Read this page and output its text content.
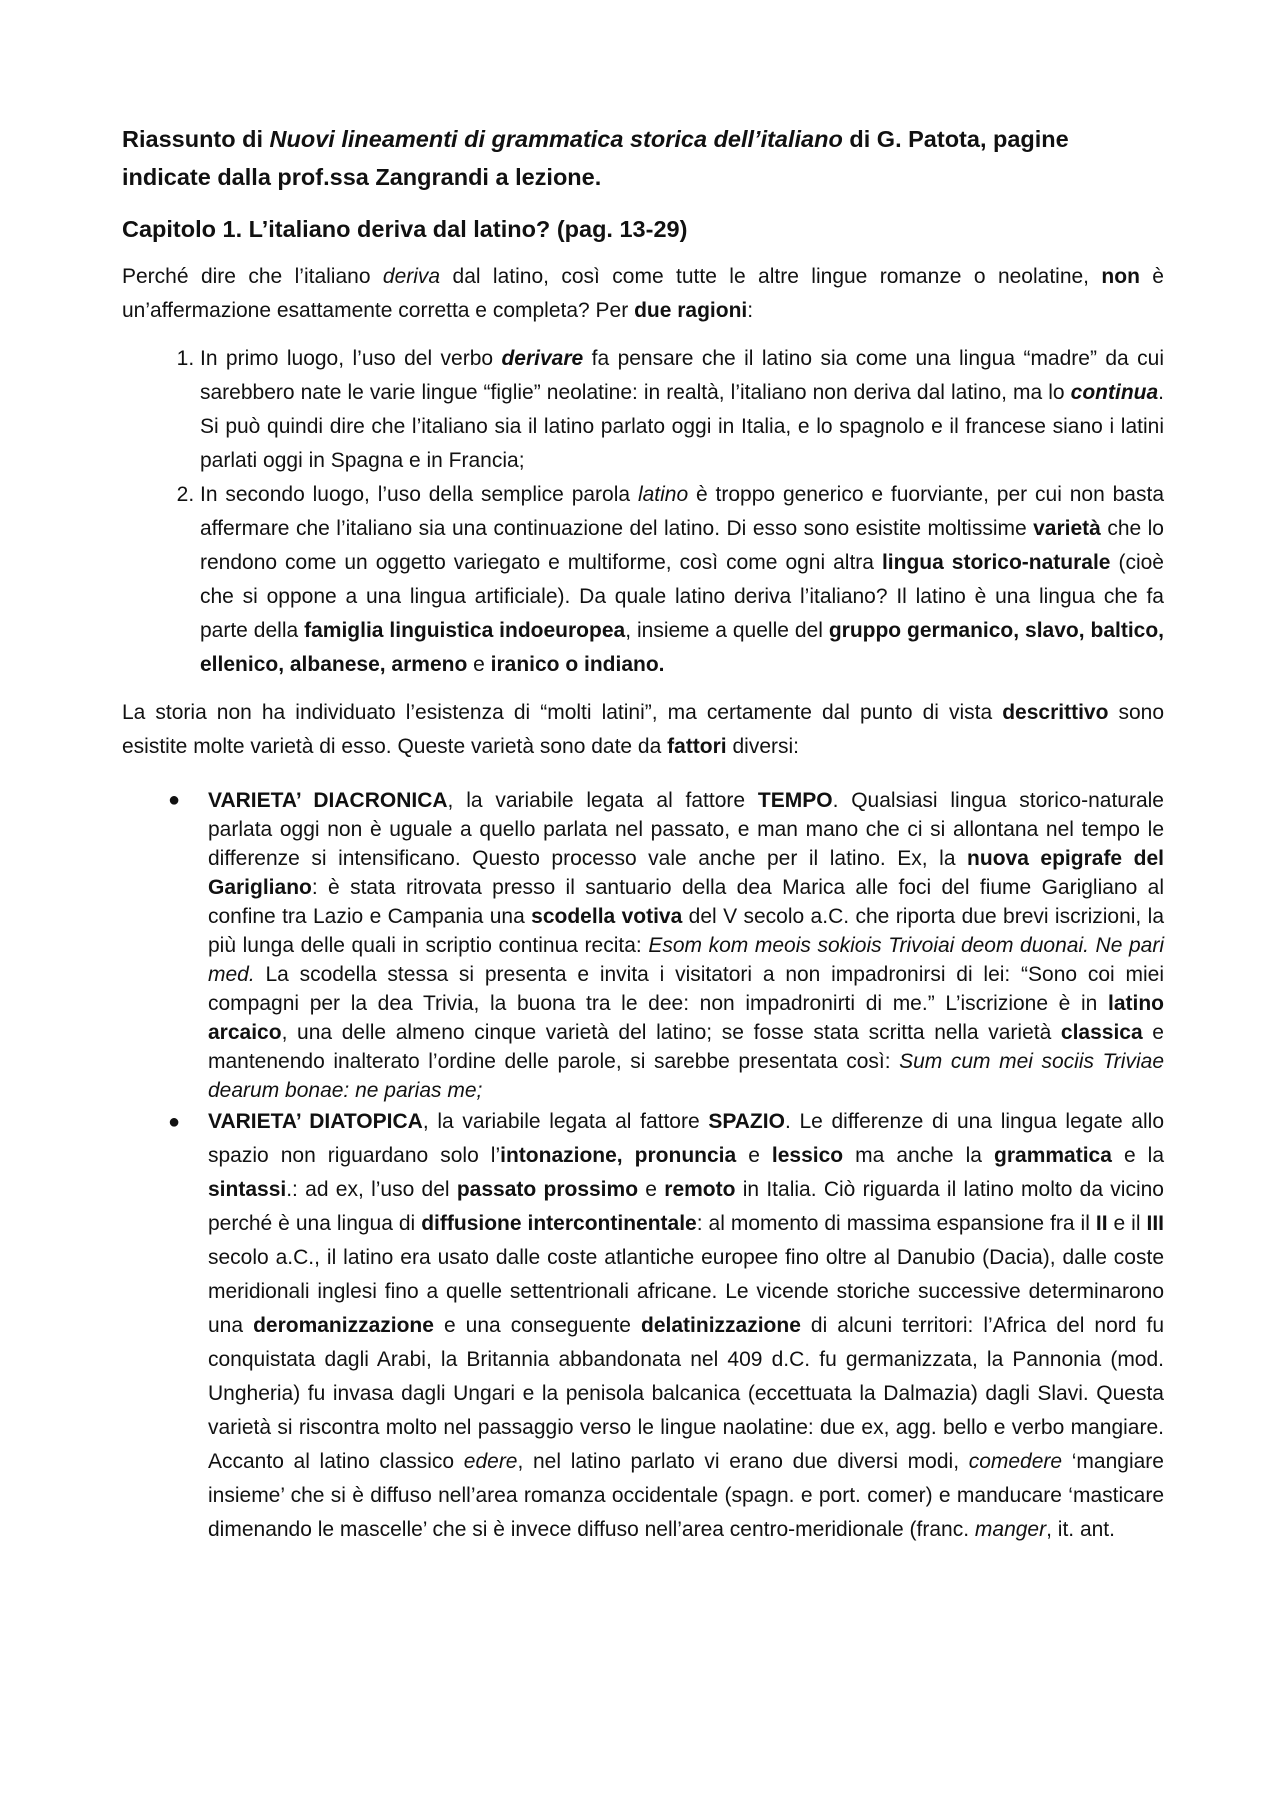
Riassunto di Nuovi lineamenti di grammatica storica dell’italiano di G. Patota, pagine indicate dalla prof.ssa Zangrandi a lezione.
Capitolo 1. L’italiano deriva dal latino? (pag. 13-29)

Perché dire che l’italiano deriva dal latino, così come tutte le altre lingue romanze o neolatine, non è un’affermazione esattamente corretta e completa? Per due ragioni:

1. In primo luogo, l’uso del verbo derivare fa pensare che il latino sia come una lingua “madre” da cui sarebbero nate le varie lingue “figlie” neolatine: in realtà, l’italiano non deriva dal latino, ma lo continua. Si può quindi dire che l’italiano sia il latino parlato oggi in Italia, e lo spagnolo e il francese siano i latini parlati oggi in Spagna e in Francia;
2. In secondo luogo, l’uso della semplice parola latino è troppo generico e fuorviante, per cui non basta affermare che l’italiano sia una continuazione del latino. Di esso sono esistite moltissime varietà che lo rendono come un oggetto variegato e multiforme, così come ogni altra lingua storico-naturale (cioè che si oppone a una lingua artificiale). Da quale latino deriva l’italiano? Il latino è una lingua che fa parte della famiglia linguistica indoeuropea, insieme a quelle del gruppo germanico, slavo, baltico, ellenico, albanese, armeno e iranico o indiano.

La storia non ha individuato l’esistenza di “molti latini”, ma certamente dal punto di vista descrittivo sono esistite molte varietà di esso. Queste varietà sono date da fattori diversi:

● VARIETA’ DIACRONICA, la variabile legata al fattore TEMPO. Qualsiasi lingua storico-naturale parlata oggi non è uguale a quello parlata nel passato, e man mano che ci si allontana nel tempo le differenze si intensificano. Questo processo vale anche per il latino. Ex, la nuova epigrafe del Garigliano: è stata ritrovata presso il santuario della dea Marica alle foci del fiume Garigliano al confine tra Lazio e Campania una scodella votiva del V secolo a.C. che riporta due brevi iscrizioni, la più lunga delle quali in scriptio continua recita: Esom kom meois sokiois Trivoiai deom duonai. Ne pari med. La scodella stessa si presenta e invita i visitatori a non impadronirsi di lei: “Sono coi miei compagni per la dea Trivia, la buona tra le dee: non impadronirti di me.” L’iscrizione è in latino arcaico, una delle almeno cinque varietà del latino; se fosse stata scritta nella varietà classica e mantenendo inalterato l’ordine delle parole, si sarebbe presentata così: Sum cum mei sociis Triviae dearum bonae: ne parias me;
● VARIETA’ DIATOPICA, la variabile legata al fattore SPAZIO. Le differenze di una lingua legate allo spazio non riguardano solo l’intonazione, pronuncia e lessico ma anche la grammatica e la sintassi.: ad ex, l’uso del passato prossimo e remoto in Italia. Ciò riguarda il latino molto da vicino perché è una lingua di diffusione intercontinentale: al momento di massima espansione fra il II e il III secolo a.C., il latino era usato dalle coste atlantiche europee fino oltre al Danubio (Dacia), dalle coste meridionali inglesi fino a quelle settentrionali africane. Le vicende storiche successive determinarono una deromanizzazione e una conseguente delatinizzazione di alcuni territori: l’Africa del nord fu conquistata dagli Arabi, la Britannia abbandonata nel 409 d.C. fu germanizzata, la Pannonia (mod. Ungheria) fu invasa dagli Ungari e la penisola balcanica (eccettuata la Dalmazia) dagli Slavi. Questa varietà si riscontra molto nel passaggio verso le lingue naolatine: due ex, agg. bello e verbo mangiare. Accanto al latino classico edere, nel latino parlato vi erano due diversi modi, comedere ‘mangiare insieme’ che si è diffuso nell’area romanza occidentale (spagn. e port. comer) e manducare ‘masticare dimenando le mascelle’ che si è invece diffuso nell’area centro-meridionale (franc. manger, it. ant.
